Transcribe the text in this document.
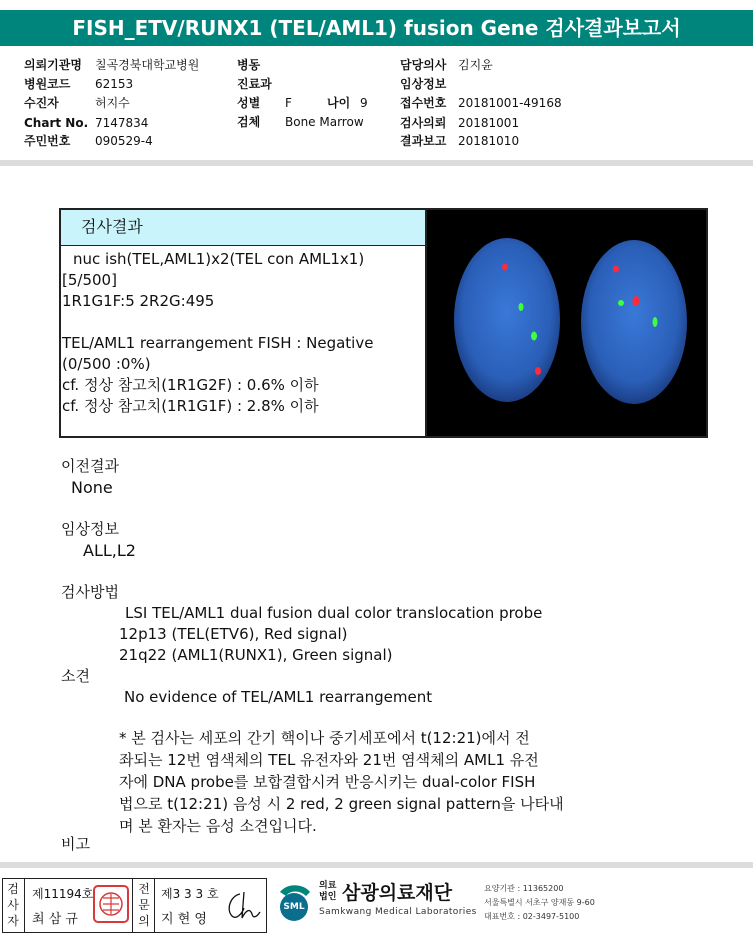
FISH_ETV/RUNX1 (TEL/AML1) fusion Gene 검사결과보고서
의뢰기관명 칠곡경북대학교병원
병원코드 62153
수진자	허지수
Chart No. 7147834
주민번호 090529-4
병동
진료과
성별 F	나이 9
검체 Bone Marrow
담당의사 김지윤
임상정보
접수번호 20181001-49168
검사의뢰 20181001
결과보고 20181010
검사결과
nuc ish(TEL,AML1)x2(TEL con AML1x1)
[5/500]
1R1G1F:5 2R2G:495
TEL/AML1 rearrangement FISH : Negative
(0/500 :0%)
cf. 정상 참고치(1R1G2F) : 0.6% 이하
cf. 정상 참고치(1R1G1F) : 2.8% 이하
이전결과
None
임상정보
ALL,L2
검사방법
LSI TEL/AML1 dual fusion dual color translocation probe
12p13 (TEL(ETV6), Red signal)
21q22 (AML1(RUNX1), Green signal)
소견
No evidence of TEL/AML1 rearrangement
* 본 검사는 세포의 간기 핵이나 중기세포에서 t(12:21)에서 전
좌되는 12번 염색체의 TEL 유전자와 21번 염색체의 AML1 유전
자에 DNA probe를 보합결합시켜 반응시키는 dual-color FISH
법으로 t(12:21) 음성 시 2 red, 2 green signal pattern을 나타내
며 본 환자는 음성 소견입니다.
비고
검사자
제11194호
최 삼 규
전문의
제3 3 3 호
지 현 영
SML
의료
법인 삼광의료재단
Samkwang Medical Laboratories
요양기관 : 11365200
서울특별시 서초구 양재동 9-60
대표번호 : 02-3497-5100
